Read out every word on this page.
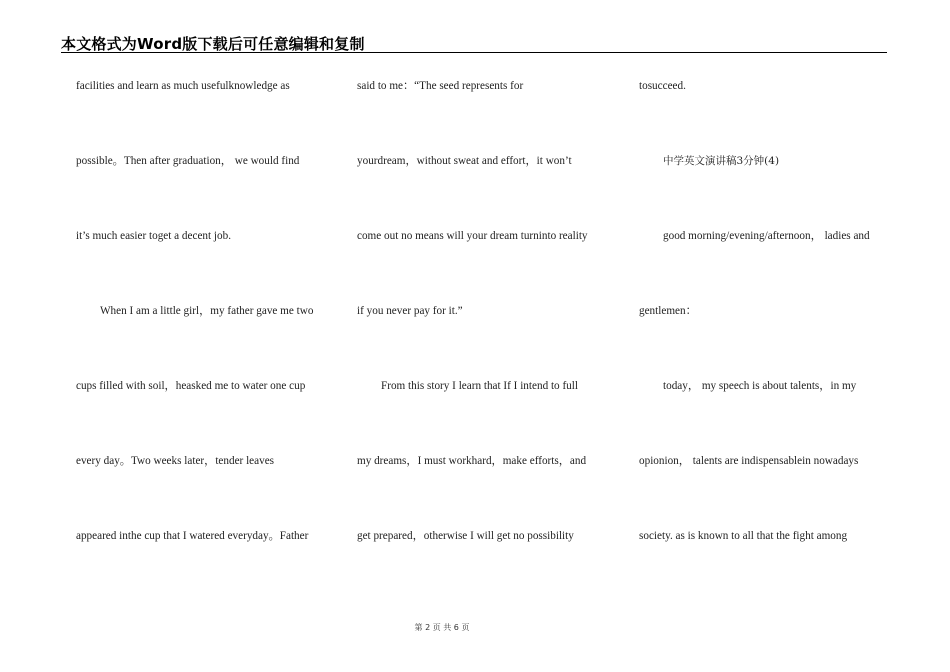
本文格式为Word版下载后可任意编辑和复制
facilities and learn as much usefulknowledge as
possible。Then after graduation， we would find
it’s much easier toget a decent job.
When I am a little girl，my father gave me two
cups filled with soil，heasked me to water one cup
every day。Two weeks later，tender leaves
appeared inthe cup that I watered everyday。Father
said to me：“The seed represents for
yourdream，without sweat and effort，it won’t
come out no means will your dream turninto reality
if you never pay for it.”
From this story I learn that If I intend to full
my dreams，I must workhard，make efforts，and
get prepared，otherwise I will get no possibility
tosucceed.
中学英文演讲稿3分钟(4)
good morning/evening/afternoon， ladies and
gentlemen：
today， my speech is about talents，in my
opionion， talents are indispensablein nowadays
society. as is known to all that the fight among
第 2 页 共 6 页
